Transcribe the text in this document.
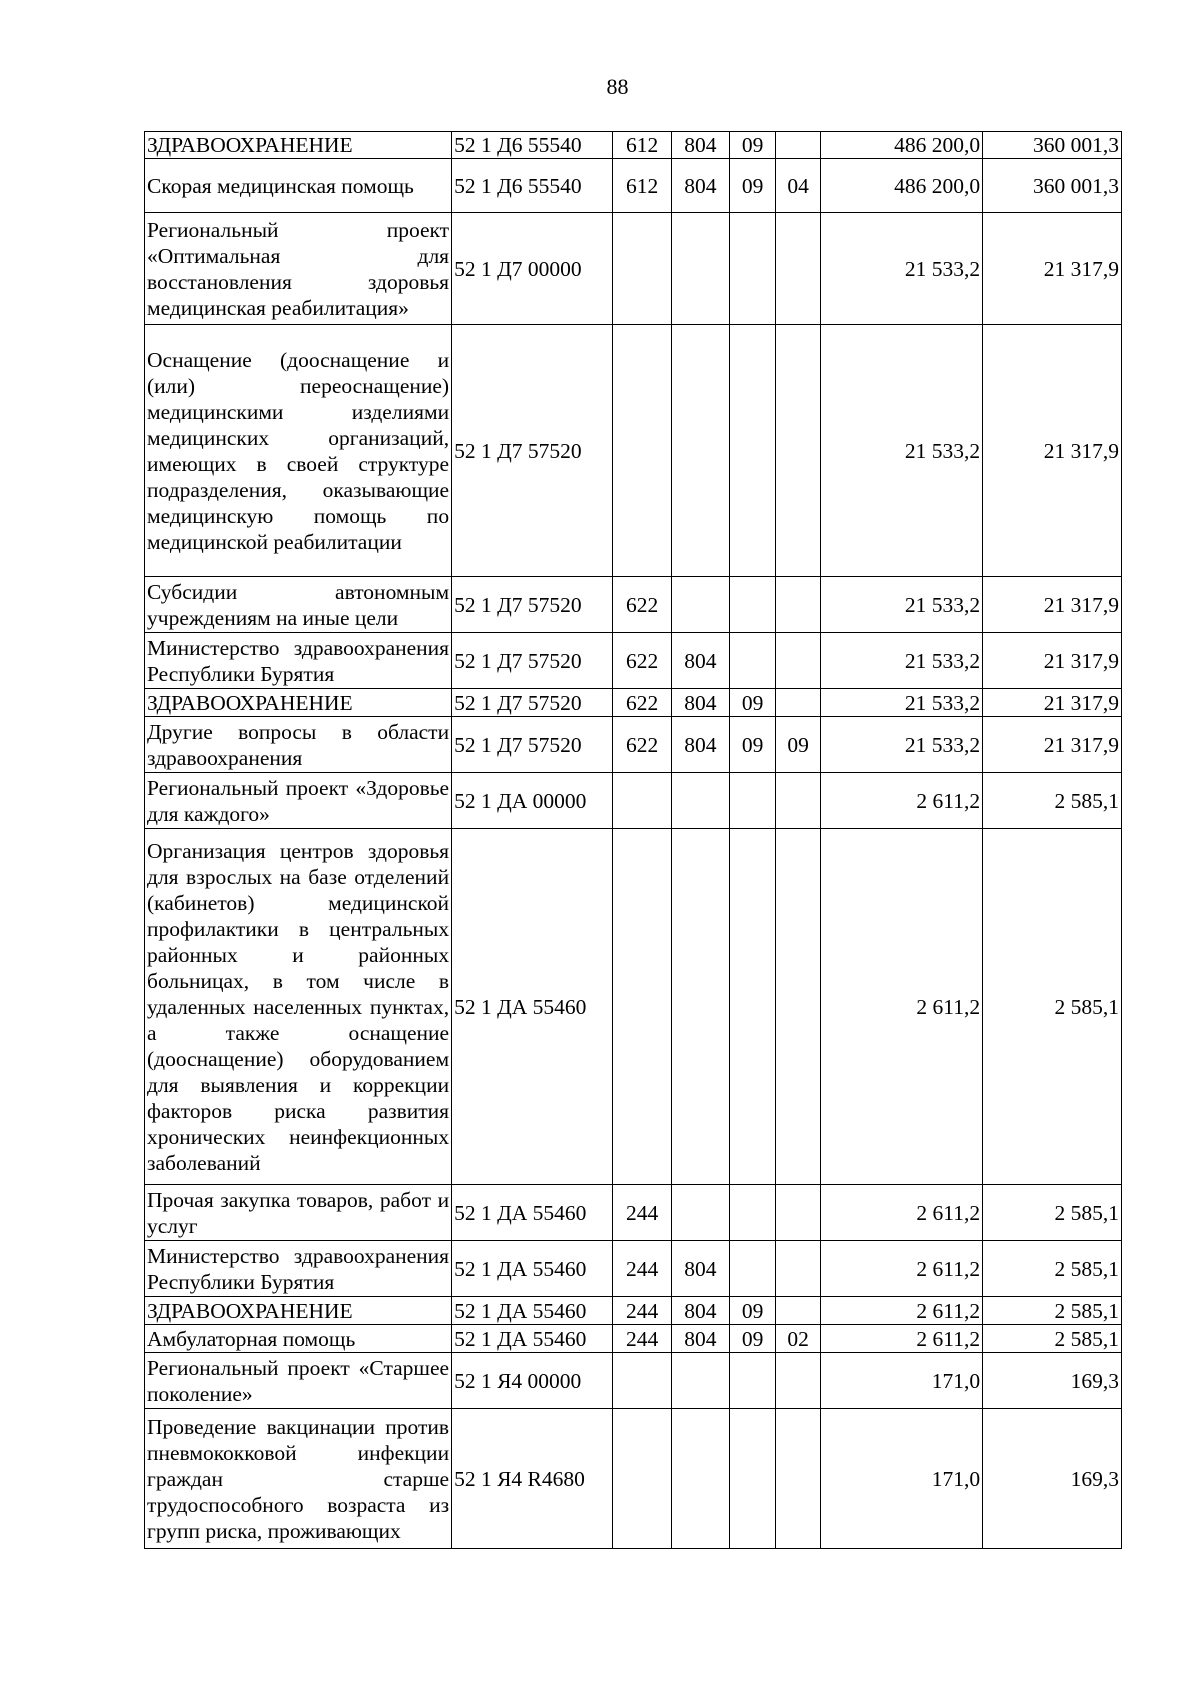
88
ЗДРАВООХРАНЕНИЕ	52 1 Д6 55540	612	804	09		486 200,0	360 001,3
Скорая медицинская помощь	52 1 Д6 55540	612	804	09	04	486 200,0	360 001,3
Региональный проект «Оптимальная для восстановления здоровья медицинская реабилитация»	52 1 Д7 00000					21 533,2	21 317,9
Оснащение (дооснащение и (или) переоснащение) медицинскими изделиями медицинских организаций, имеющих в своей структуре подразделения, оказывающие медицинскую помощь по медицинской реабилитации	52 1 Д7 57520					21 533,2	21 317,9
Субсидии автономным учреждениям на иные цели	52 1 Д7 57520	622				21 533,2	21 317,9
Министерство здравоохранения Республики Бурятия	52 1 Д7 57520	622	804			21 533,2	21 317,9
ЗДРАВООХРАНЕНИЕ	52 1 Д7 57520	622	804	09		21 533,2	21 317,9
Другие вопросы в области здравоохранения	52 1 Д7 57520	622	804	09	09	21 533,2	21 317,9
Региональный проект «Здоровье для каждого»	52 1 ДА 00000					2 611,2	2 585,1
Организация центров здоровья для взрослых на базе отделений (кабинетов) медицинской профилактики в центральных районных и районных больницах, в том числе в удаленных населенных пунктах, а также оснащение (дооснащение) оборудованием для выявления и коррекции факторов риска развития хронических неинфекционных заболеваний	52 1 ДА 55460					2 611,2	2 585,1
Прочая закупка товаров, работ и услуг	52 1 ДА 55460	244				2 611,2	2 585,1
Министерство здравоохранения Республики Бурятия	52 1 ДА 55460	244	804			2 611,2	2 585,1
ЗДРАВООХРАНЕНИЕ	52 1 ДА 55460	244	804	09		2 611,2	2 585,1
Амбулаторная помощь	52 1 ДА 55460	244	804	09	02	2 611,2	2 585,1
Региональный проект «Старшее поколение»	52 1 Я4 00000					171,0	169,3
Проведение вакцинации против пневмококковой инфекции граждан старше трудоспособного возраста из групп риска, проживающих	52 1 Я4 R4680					171,0	169,3
